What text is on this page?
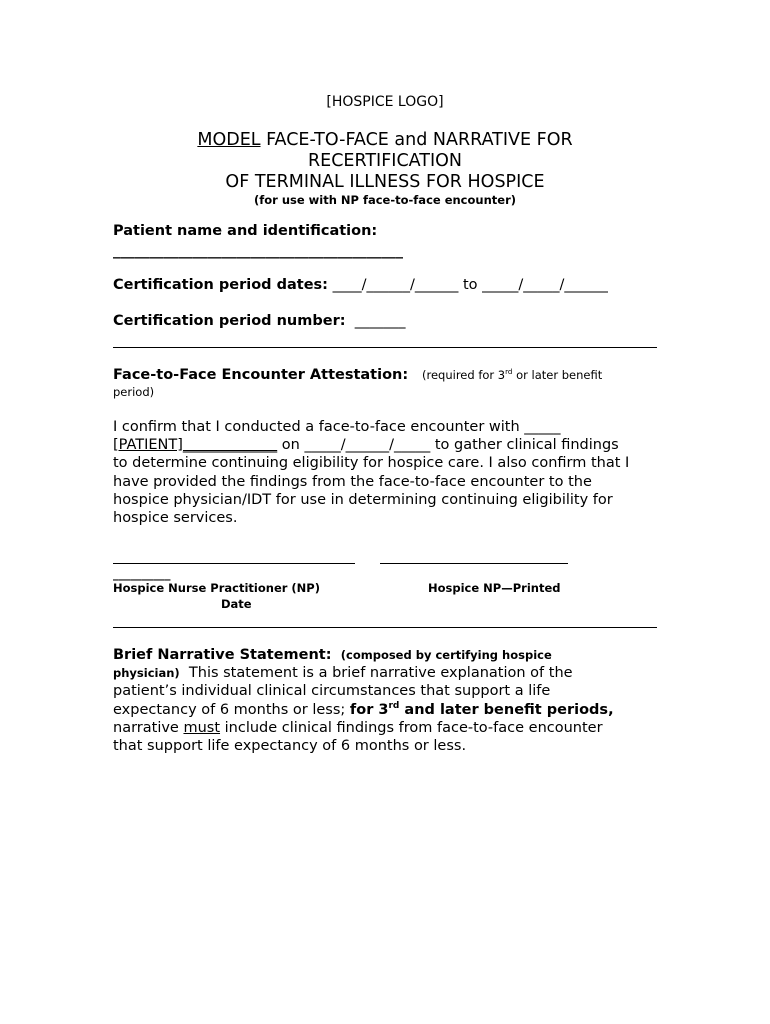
[HOSPICE LOGO]
MODEL FACE-TO-FACE and NARRATIVE FOR
RECERTIFICATION
OF TERMINAL ILLNESS FOR HOSPICE
(for use with NP face-to-face encounter)
Patient name and identification:
________________________________________
Certification period dates: ____/______/______ to _____/_____/______
Certification period number: _______
Face-to-Face Encounter Attestation: (required for 3rd or later benefit
period)
I confirm that I conducted a face-to-face encounter with _____
[PATIENT]_____________ on _____/______/_____ to gather clinical findings
to determine continuing eligibility for hospice care. I also confirm that I
have provided the findings from the face-to-face encounter to the
hospice physician/IDT for use in determining continuing eligibility for
hospice services.
__________
Hospice Nurse Practitioner (NP)	Hospice NP—Printed
Date
Brief Narrative Statement: (composed by certifying hospice
physician) This statement is a brief narrative explanation of the
patient’s individual clinical circumstances that support a life
expectancy of 6 months or less; for 3rd and later benefit periods,
narrative must include clinical findings from face-to-face encounter
that support life expectancy of 6 months or less.
